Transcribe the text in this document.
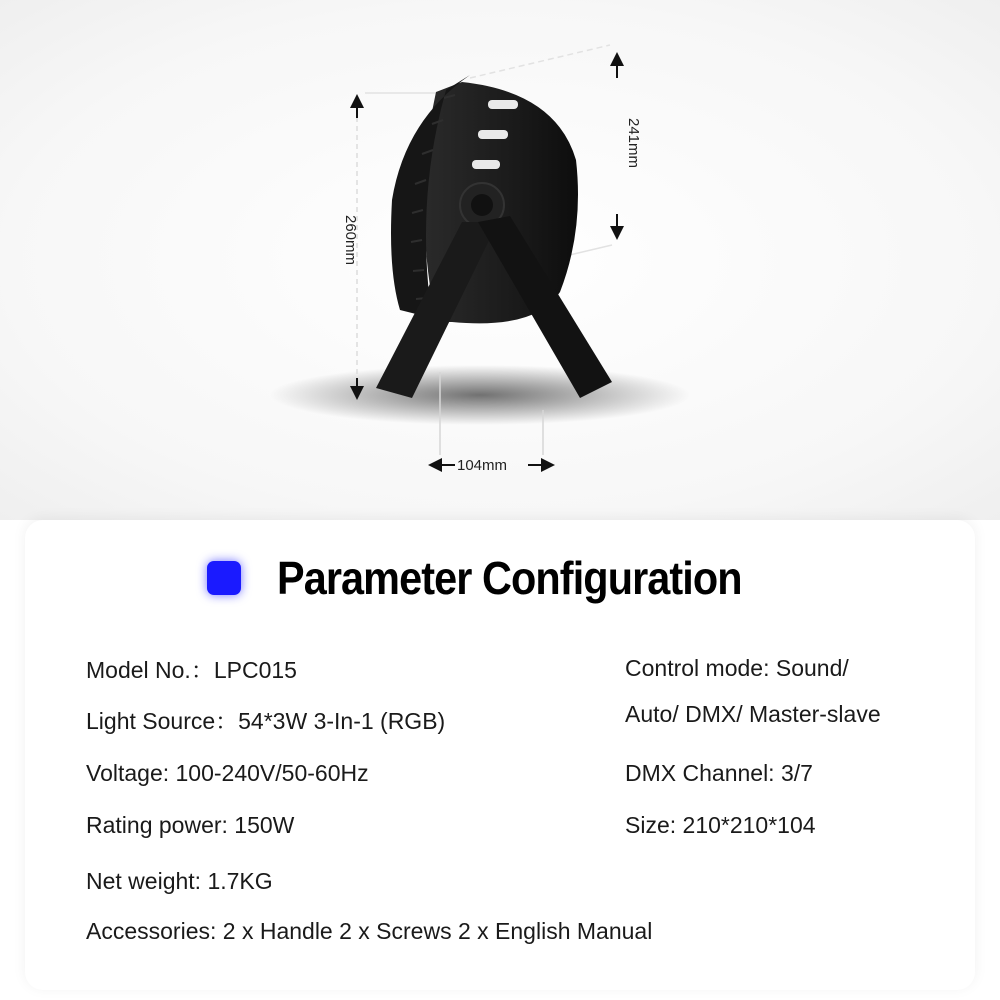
260mm
241mm
104mm
Parameter Configuration
Model No.：LPC015
Light Source：54*3W 3-In-1 (RGB)
Voltage: 100-240V/50-60Hz
Rating power: 150W
Net weight: 1.7KG
Accessories: 2 x Handle 2 x Screws 2 x English Manual
Control mode: Sound/
Auto/ DMX/ Master-slave
DMX Channel: 3/7
Size: 210*210*104
